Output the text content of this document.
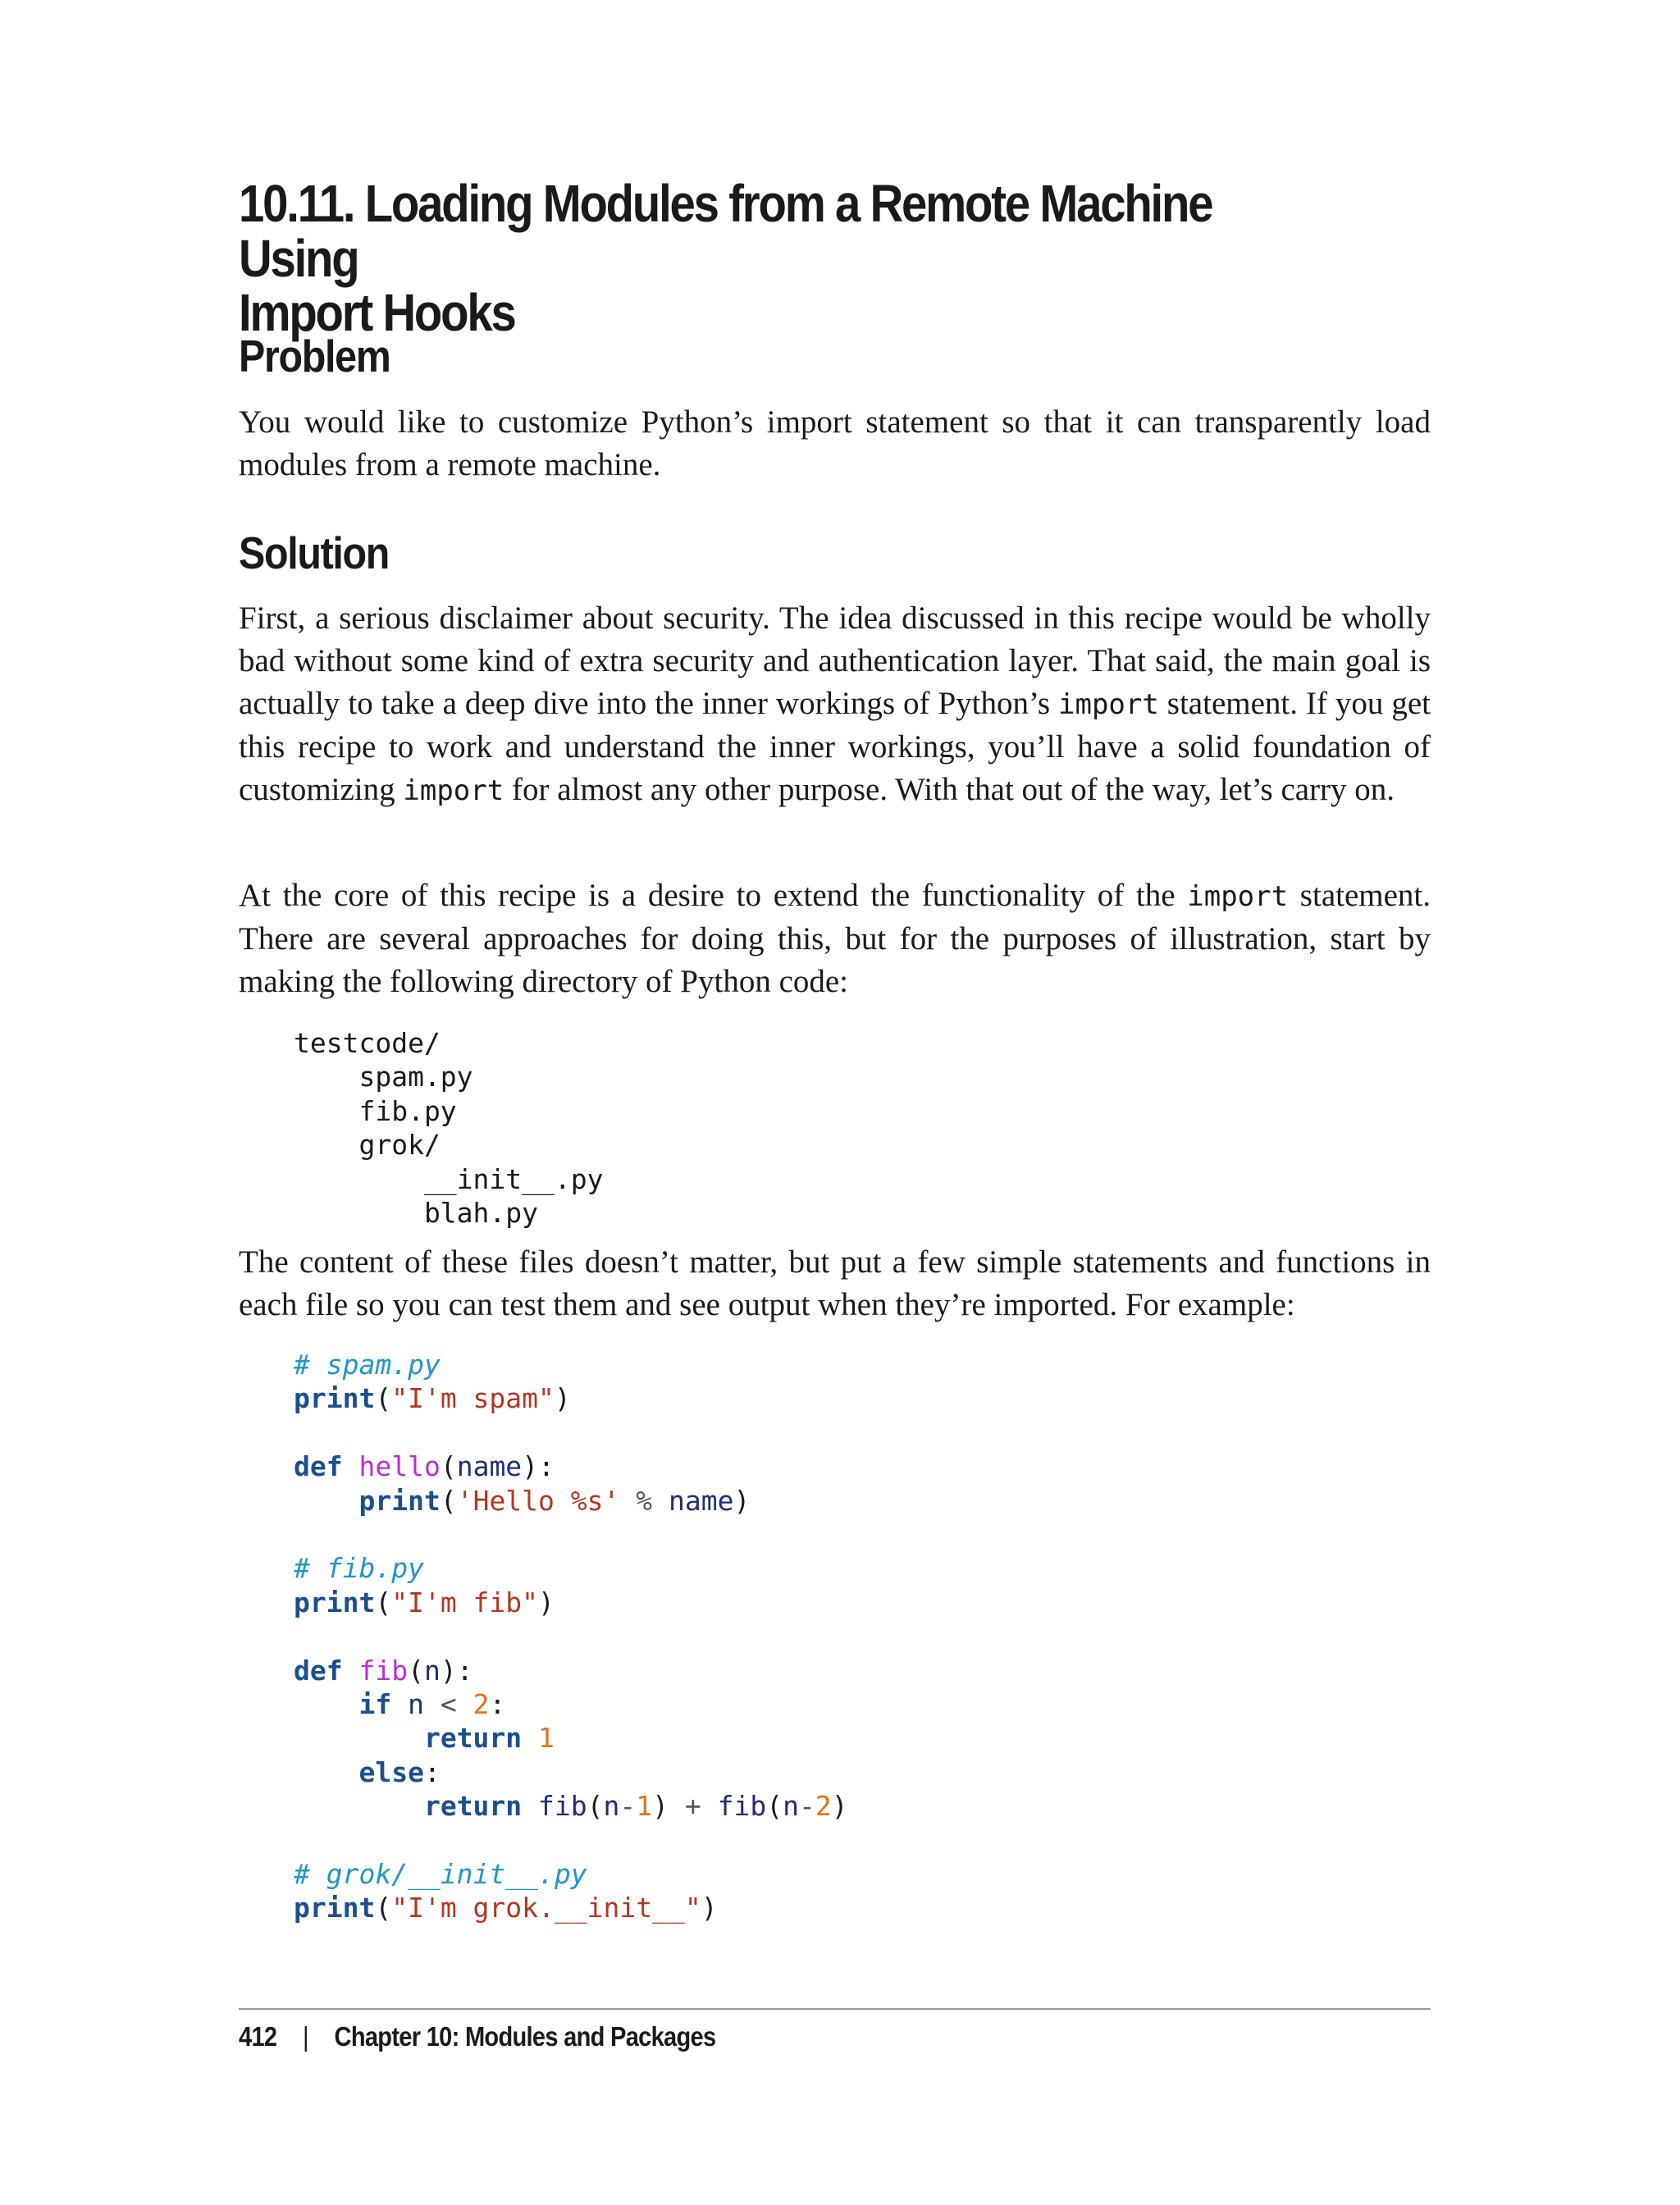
10.11. Loading Modules from a Remote Machine Using
Import Hooks
Problem

You would like to customize Python’s import statement so that it can transparently load modules from a remote machine.

Solution

First, a serious disclaimer about security. The idea discussed in this recipe would be wholly bad without some kind of extra security and authentication layer. That said, the main goal is actually to take a deep dive into the inner workings of Python’s import statement. If you get this recipe to work and understand the inner workings, you’ll have a solid foundation of customizing import for almost any other purpose. With that out of the way, let’s carry on.

At the core of this recipe is a desire to extend the functionality of the import statement. There are several approaches for doing this, but for the purposes of illustration, start by making the following directory of Python code:

testcode/
spam.py
fib.py
grok/
__init__.py
blah.py

The content of these files doesn’t matter, but put a few simple statements and functions in each file so you can test them and see output when they’re imported. For example:

# spam.py
print("I'm spam")
def hello(name):
print('Hello %s' % name)
# fib.py
print("I'm fib")
def fib(n):
if n < 2:
return 1
else:
return fib(n-1) + fib(n-2)
# grok/__init__.py
print("I'm grok.__init__")
412 | Chapter 10: Modules and Packages
